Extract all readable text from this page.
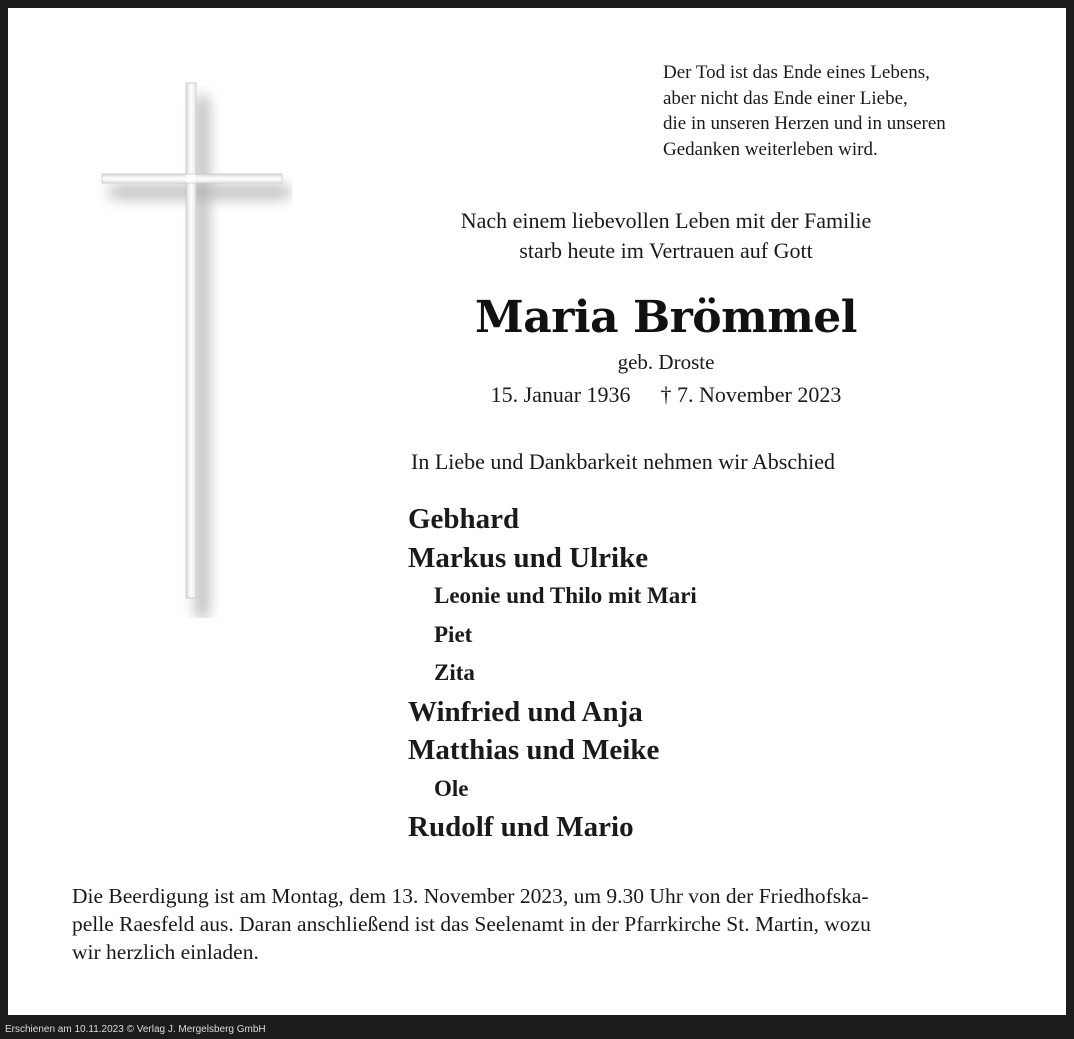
Der Tod ist das Ende eines Lebens,
aber nicht das Ende einer Liebe,
die in unseren Herzen und in unseren
Gedanken weiterleben wird.
Nach einem liebevollen Leben mit der Familie
starb heute im Vertrauen auf Gott
Maria Brömmel
geb. Droste
15. Januar 1936 † 7. November 2023
In Liebe und Dankbarkeit nehmen wir Abschied
Gebhard
Markus und Ulrike
Leonie und Thilo mit Mari
Piet
Zita
Winfried und Anja
Matthias und Meike
Ole
Rudolf und Mario
Die Beerdigung ist am Montag, dem 13. November 2023, um 9.30 Uhr von der Friedhofska-
pelle Raesfeld aus. Daran anschließend ist das Seelenamt in der Pfarrkirche St. Martin, wozu
wir herzlich einladen.
Erschienen am 10.11.2023 © Verlag J. Mergelsberg GmbH
